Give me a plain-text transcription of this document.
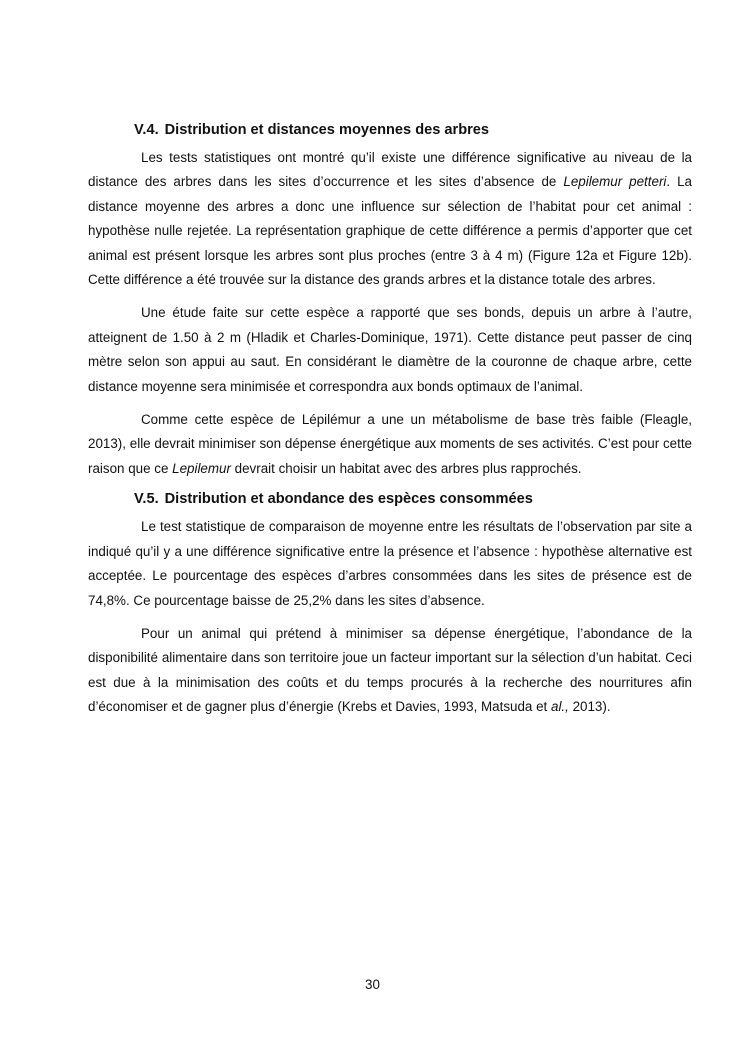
V.4. Distribution et distances moyennes des arbres

Les tests statistiques ont montré qu’il existe une différence significative au niveau de la distance des arbres dans les sites d’occurrence et les sites d’absence de Lepilemur petteri. La distance moyenne des arbres a donc une influence sur sélection de l’habitat pour cet animal : hypothèse nulle rejetée. La représentation graphique de cette différence a permis d’apporter que cet animal est présent lorsque les arbres sont plus proches (entre 3 à 4 m) (Figure 12a et Figure 12b). Cette différence a été trouvée sur la distance des grands arbres et la distance totale des arbres.

Une étude faite sur cette espèce a rapporté que ses bonds, depuis un arbre à l’autre, atteignent de 1.50 à 2 m (Hladik et Charles-Dominique, 1971). Cette distance peut passer de cinq mètre selon son appui au saut. En considérant le diamètre de la couronne de chaque arbre, cette distance moyenne sera minimisée et correspondra aux bonds optimaux de l’animal.

Comme cette espèce de Lépilémur a une un métabolisme de base très faible (Fleagle, 2013), elle devrait minimiser son dépense énergétique aux moments de ses activités. C’est pour cette raison que ce Lepilemur devrait choisir un habitat avec des arbres plus rapprochés.

V.5. Distribution et abondance des espèces consommées

Le test statistique de comparaison de moyenne entre les résultats de l’observation par site a indiqué qu’il y a une différence significative entre la présence et l’absence : hypothèse alternative est acceptée. Le pourcentage des espèces d’arbres consommées dans les sites de présence est de 74,8%. Ce pourcentage baisse de 25,2% dans les sites d’absence.

Pour un animal qui prétend à minimiser sa dépense énergétique, l’abondance de la disponibilité alimentaire dans son territoire joue un facteur important sur la sélection d’un habitat. Ceci est due à la minimisation des coûts et du temps procurés à la recherche des nourritures afin d’économiser et de gagner plus d’énergie (Krebs et Davies, 1993, Matsuda et al., 2013).

30
